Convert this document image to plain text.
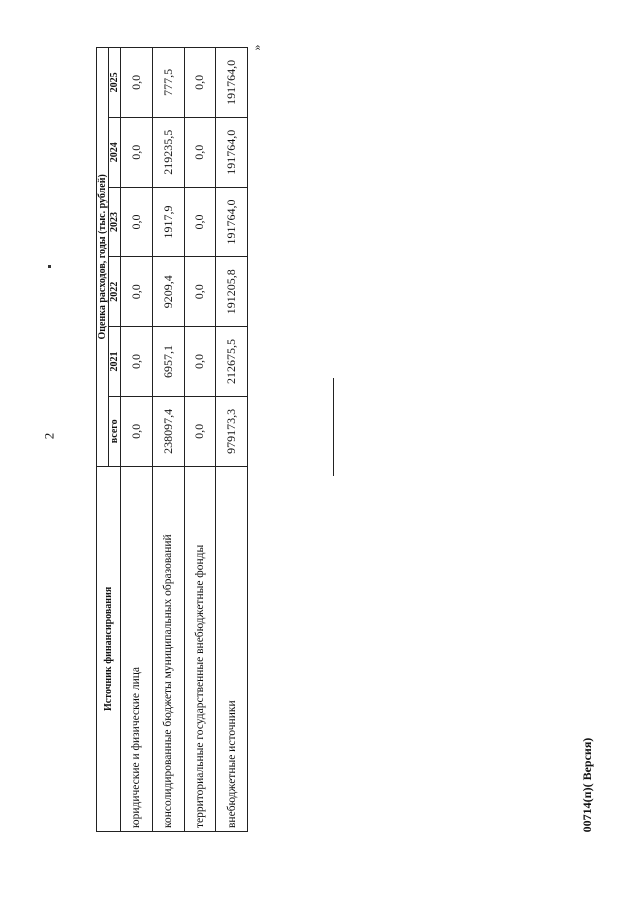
2
»
00714(п)( Версия)
Источник финансирования	Оценка расходов, годы (тыс. рублей)					
	всего	2021	2022	2023	2024	2025
юридические и физические лица	0,0	0,0	0,0	0,0	0,0	0,0
консолидированные бюджеты муниципальных образований	238097,4	6957,1	9209,4	1917,9	219235,5	777,5
территориальные государственные внебюджетные фонды	0,0	0,0	0,0	0,0	0,0	0,0
внебюджетные источники	979173,3	212675,5	191205,8	191764,0	191764,0	191764,0
